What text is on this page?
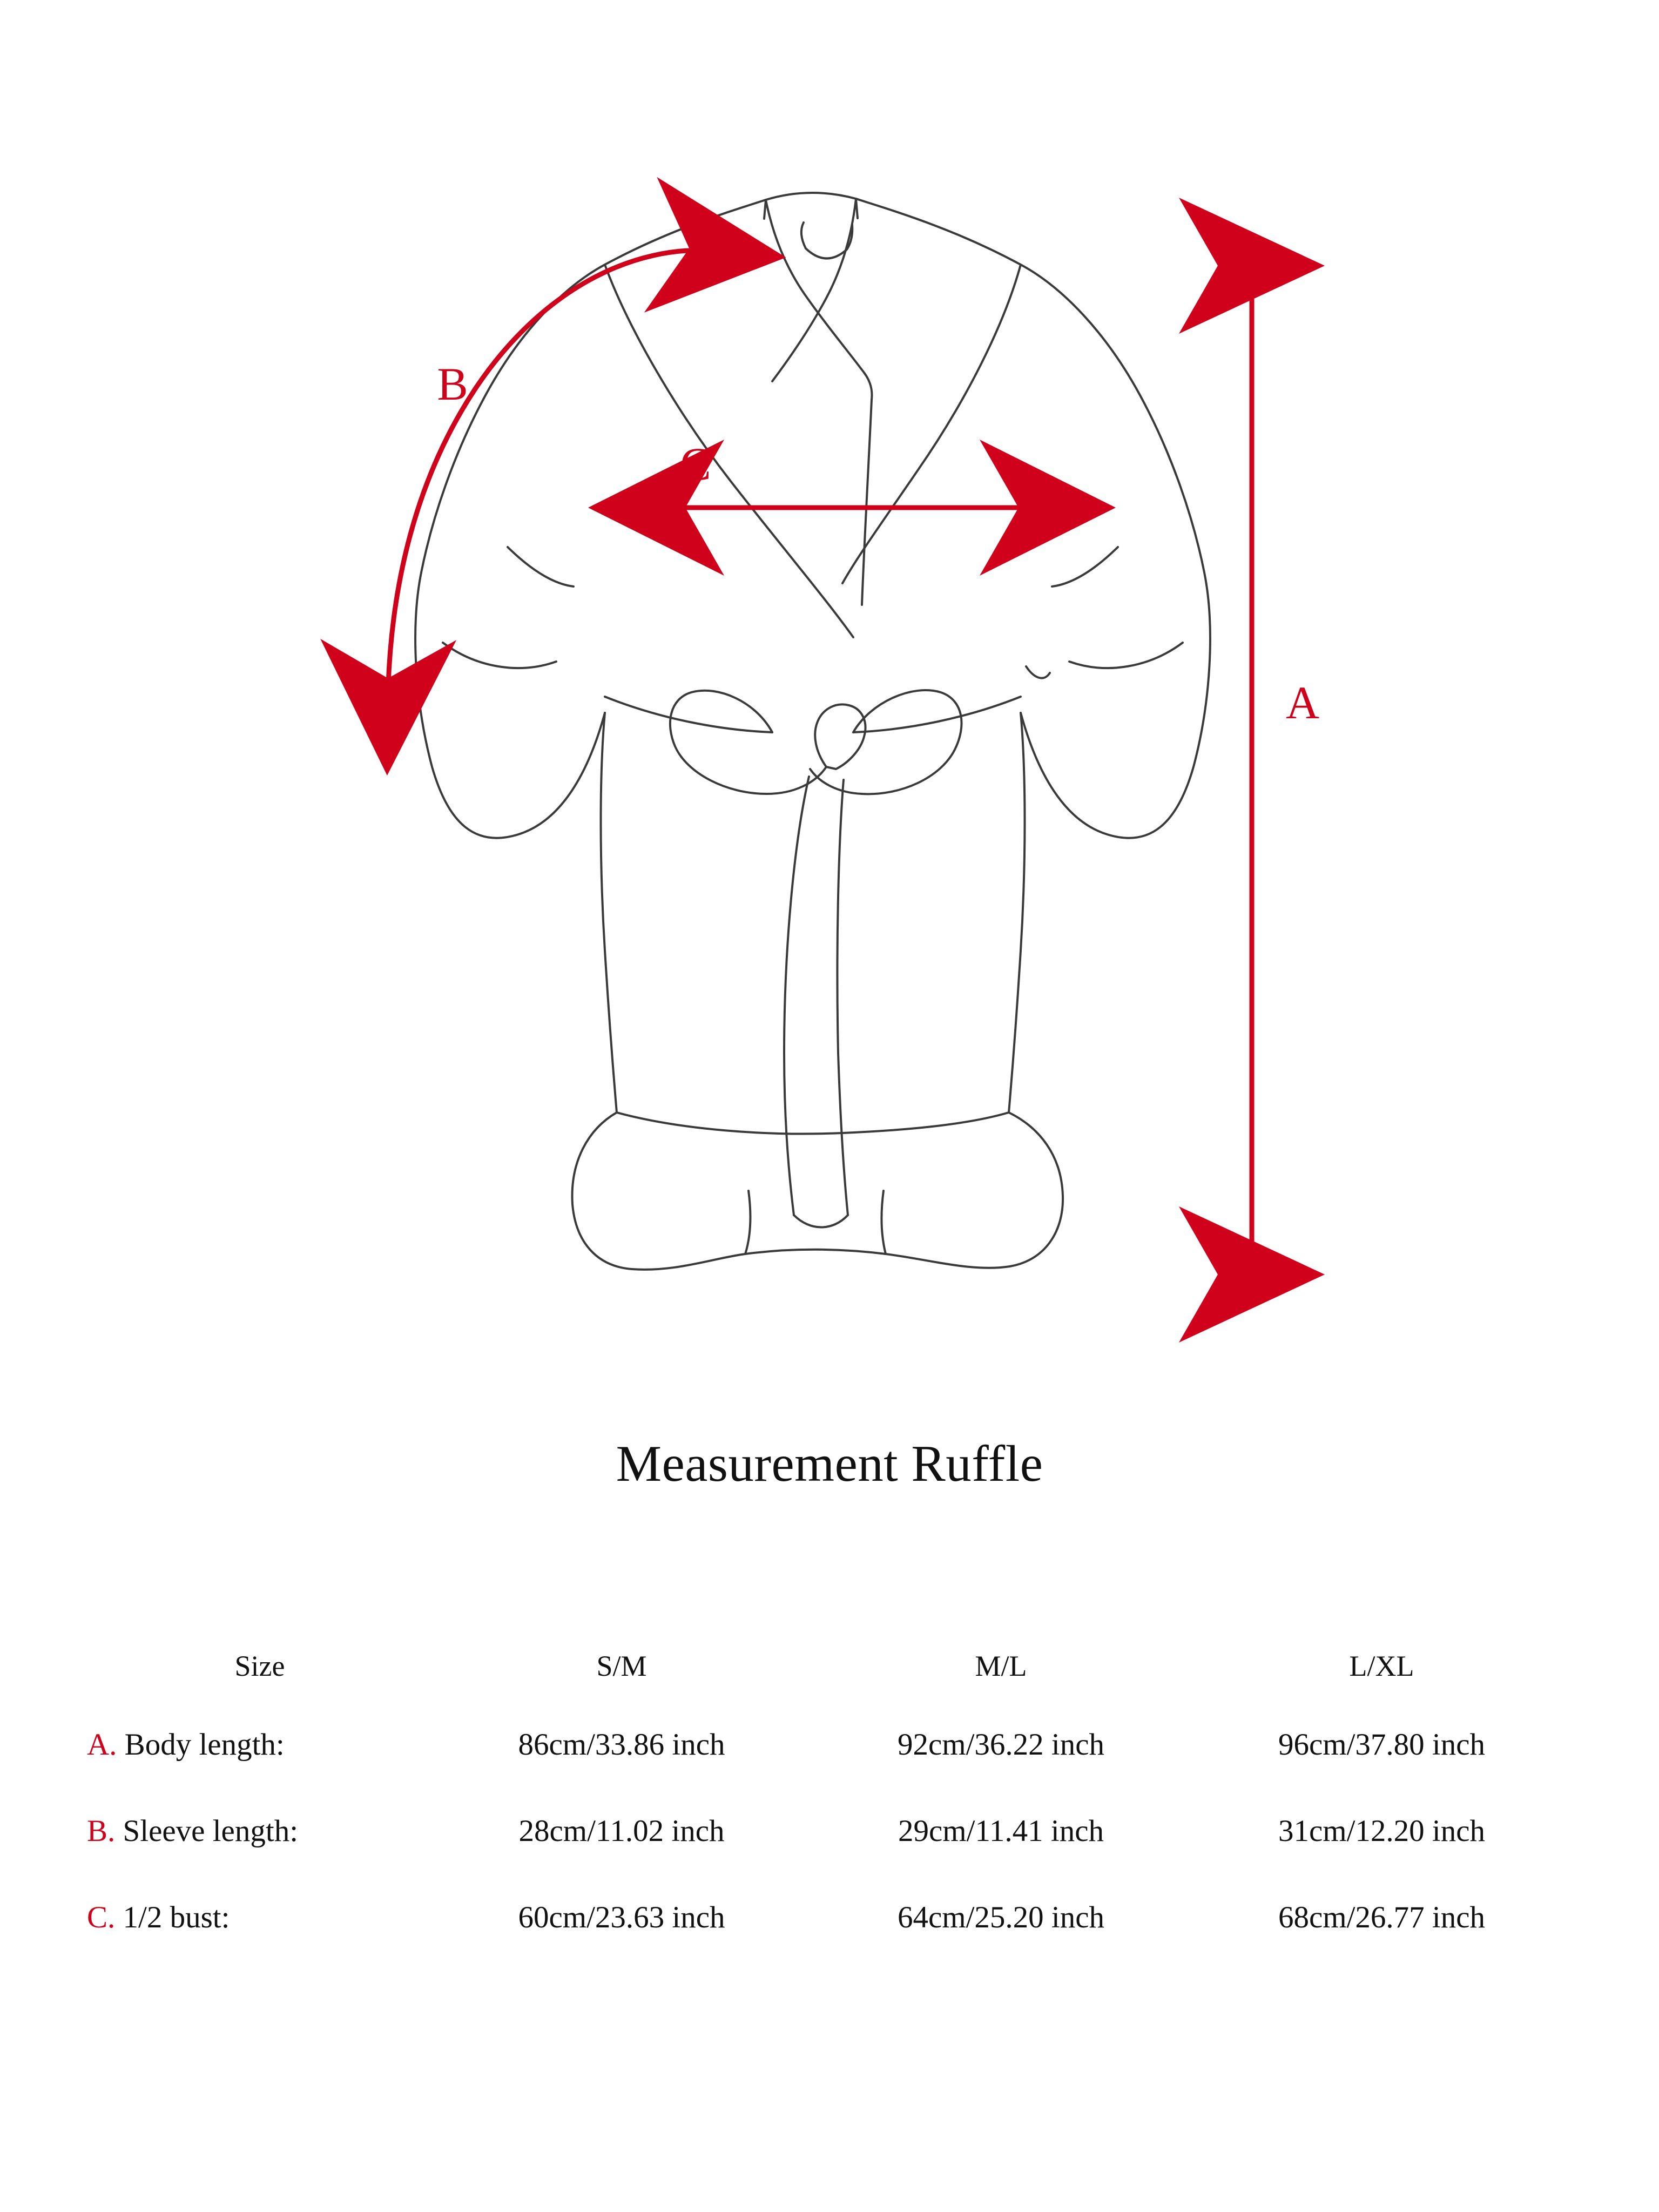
B
C
A
Measurement Ruffle
Size	S/M	M/L	L/XL
A. Body length:	86cm/33.86 inch	92cm/36.22 inch	96cm/37.80 inch
B. Sleeve length:	28cm/11.02 inch	29cm/11.41 inch	31cm/12.20 inch
C. 1/2 bust:	60cm/23.63 inch	64cm/25.20 inch	68cm/26.77 inch
